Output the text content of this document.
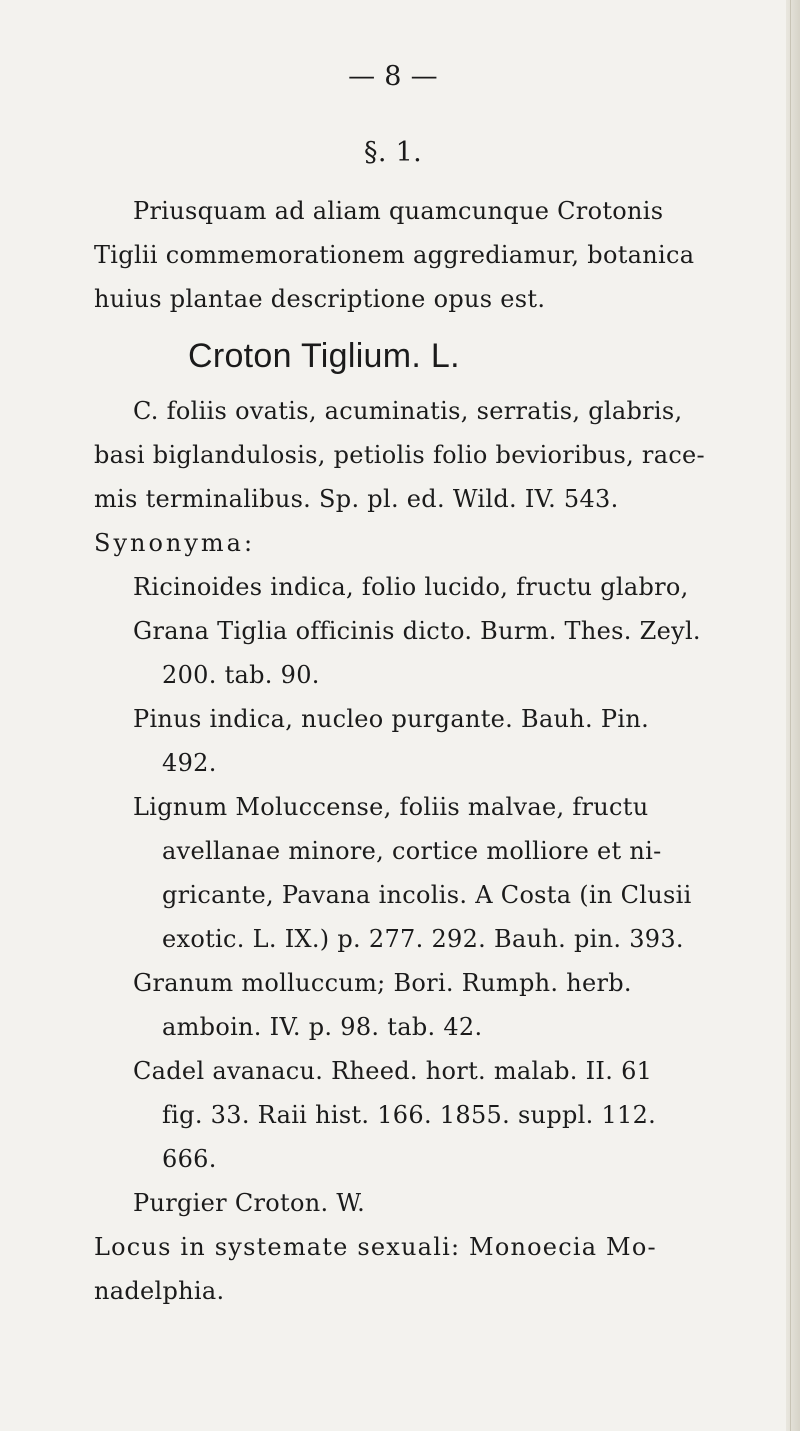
— 8 —
§. 1.
Priusquam ad aliam quamcunque Crotonis
Tiglii commemorationem aggrediamur, botanica
huius plantae descriptione opus est.
Croton Tiglium. L.
C. foliis ovatis, acuminatis, serratis, glabris,
basi biglandulosis, petiolis folio bevioribus, race-
mis terminalibus. Sp. pl. ed. Wild. IV. 543.
Synonyma:
Ricinoides indica, folio lucido, fructu glabro,
Grana Tiglia officinis dicto. Burm. Thes. Zeyl.
200. tab. 90.
Pinus indica, nucleo purgante. Bauh. Pin.
492.
Lignum Moluccense, foliis malvae, fructu
avellanae minore, cortice molliore et ni-
gricante, Pavana incolis. A Costa (in Clusii
exotic. L. IX.) p. 277. 292. Bauh. pin. 393.
Granum molluccum; Bori. Rumph. herb.
amboin. IV. p. 98. tab. 42.
Cadel avanacu. Rheed. hort. malab. II. 61
fig. 33. Raii hist. 166. 1855. suppl. 112.
666.
Purgier Croton. W.
Locus in systemate sexuali: Monoecia Mo-
nadelphia.
